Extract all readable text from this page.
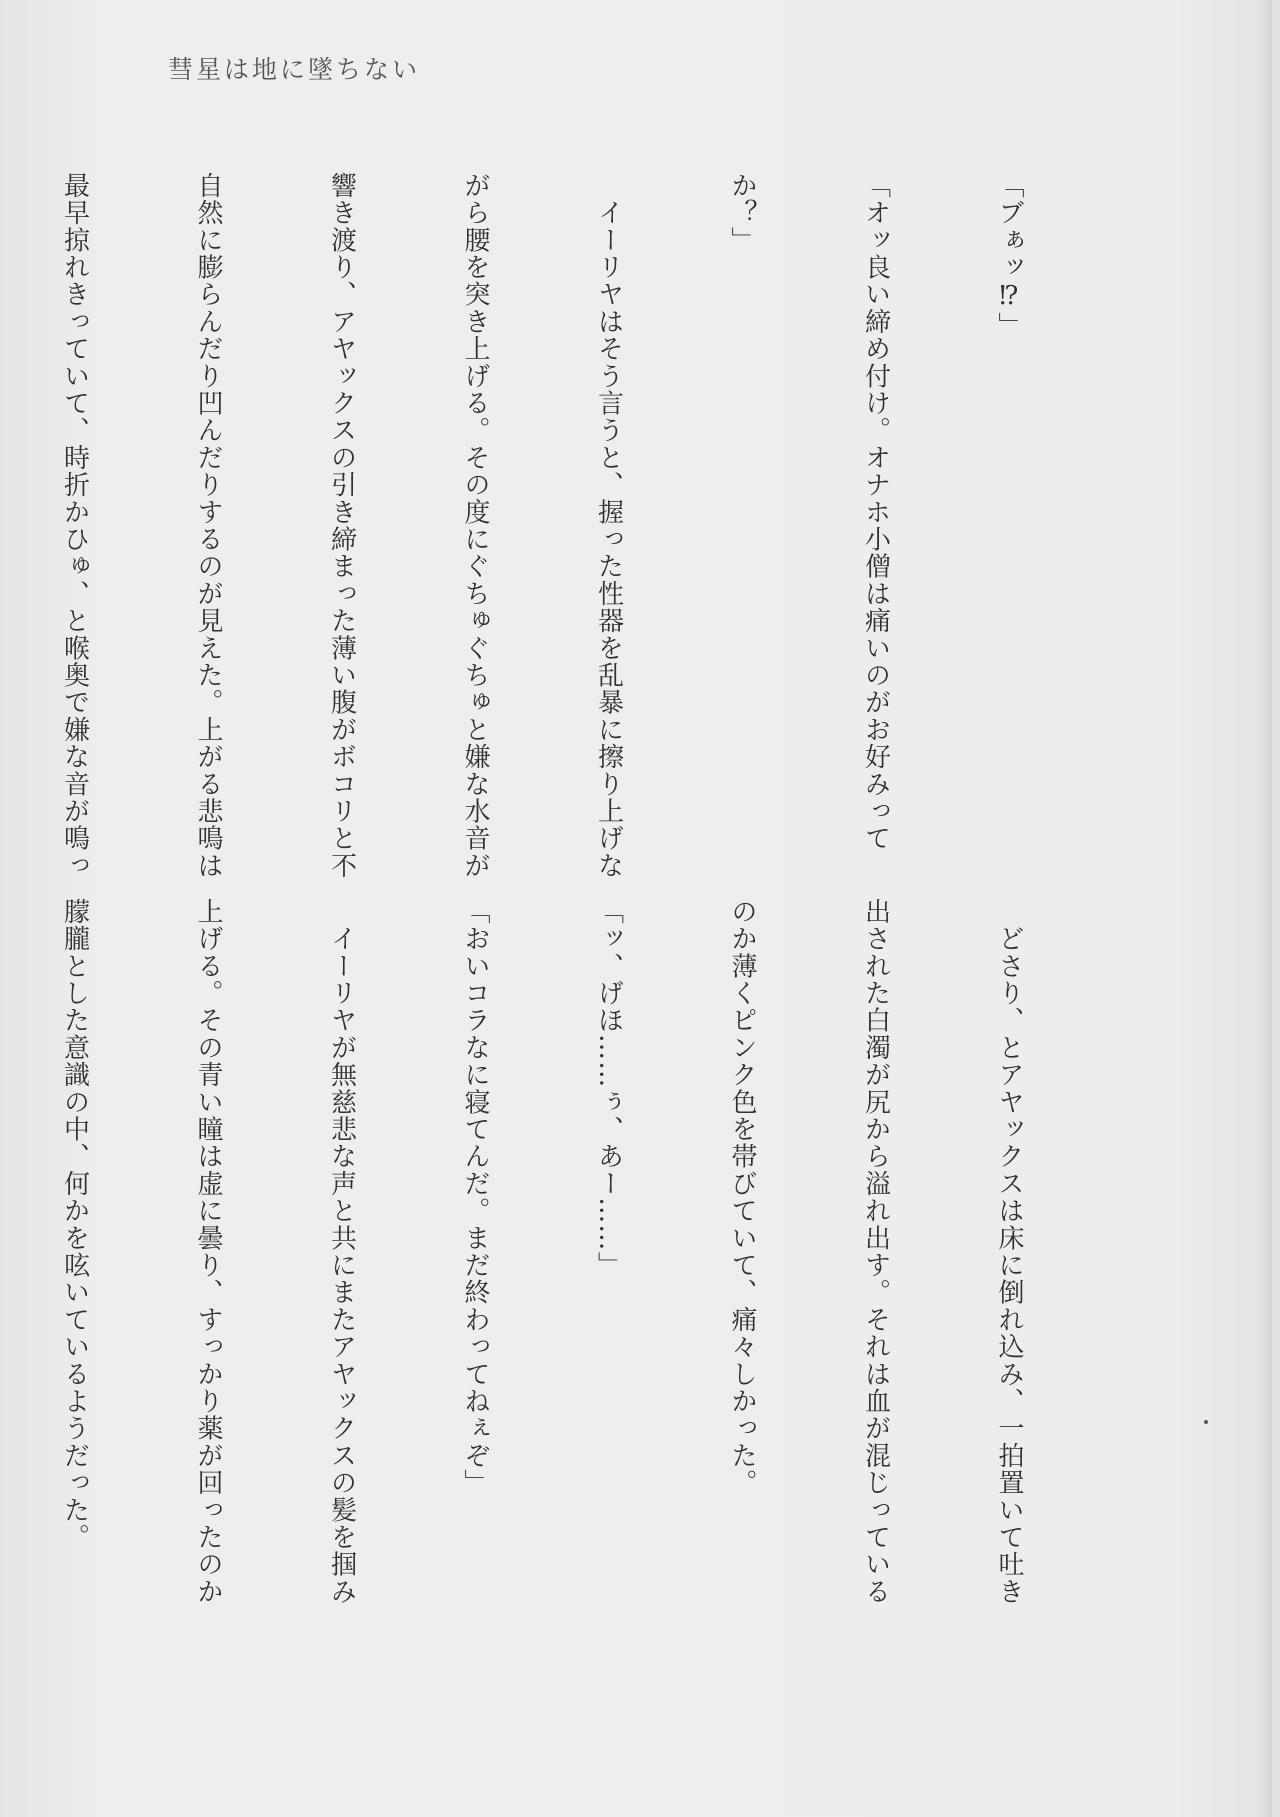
彗星は地に墜ちない

「ブぁッ⁉」

「オッ良い締め付け。オナホ小僧は痛いのがお好みって

か？」

　イーリヤはそう言うと、握った性器を乱暴に擦り上げな

がら腰を突き上げる。その度にぐちゅぐちゅと嫌な水音が

響き渡り、アヤックスの引き締まった薄い腹がボコリと不

自然に膨らんだり凹んだりするのが見えた。上がる悲鳴は

最早掠れきっていて、時折かひゅ、と喉奥で嫌な音が鳴っ

　どさり、とアヤックスは床に倒れ込み、一拍置いて吐き

出された白濁が尻から溢れ出す。それは血が混じっている

のか薄くピンク色を帯びていて、痛々しかった。

「ッ、げほ……ぅ、あー……」

「おいコラなに寝てんだ。まだ終わってねぇぞ」

　イーリヤが無慈悲な声と共にまたアヤックスの髪を掴み

上げる。その青い瞳は虚に曇り、すっかり薬が回ったのか

朦朧とした意識の中、何かを呟いているようだった。
